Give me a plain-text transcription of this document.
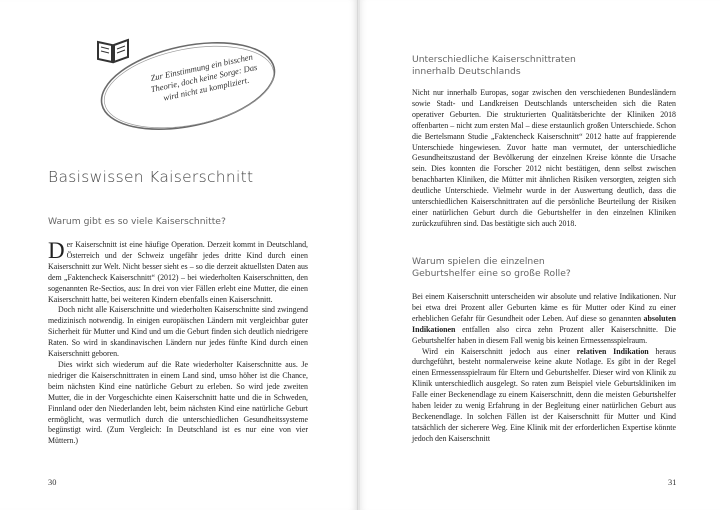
Zur Einstimmung ein bisschen Theorie, doch keine Sorge: Das wird nicht zu kompliziert.
Basiswissen Kaiserschnitt
Warum gibt es so viele Kaiserschnitte?

Der Kaiserschnitt ist eine häufige Operation. Derzeit kommt in Deutschland, Österreich und der Schweiz ungefähr jedes dritte Kind durch einen Kaiserschnitt zur Welt. Nicht besser sieht es – so die derzeit aktuellsten Daten aus dem „Faktencheck Kaiserschnitt“ (2012) – bei wiederholten Kaiserschnitten, den sogenannten Re-Sectios, aus: In drei von vier Fällen erlebt eine Mutter, die einen Kaiserschnitt hatte, bei weiteren Kindern ebenfalls einen Kaiserschnitt.

Doch nicht alle Kaiserschnitte und wiederholten Kaiserschnitte sind zwingend medizinisch notwendig. In einigen europäischen Ländern mit vergleichbar guter Sicherheit für Mutter und Kind und um die Geburt finden sich deutlich niedrigere Raten. So wird in skandinavischen Ländern nur jedes fünfte Kind durch einen Kaiserschnitt geboren.

Dies wirkt sich wiederum auf die Rate wiederholter Kaiserschnitte aus. Je niedriger die Kaiserschnittraten in einem Land sind, umso höher ist die Chance, beim nächsten Kind eine natürliche Geburt zu erleben. So wird jede zweiten Mutter, die in der Vorgeschichte einen Kaiserschnitt hatte und die in Schweden, Finnland oder den Niederlanden lebt, beim nächsten Kind eine natürliche Geburt ermöglicht, was vermutlich durch die unterschiedlichen Gesundheitssysteme begünstigt wird. (Zum Vergleich: In Deutschland ist es nur eine von vier Müttern.)

30
Unterschiedliche Kaiserschnittraten
innerhalb Deutschlands

Nicht nur innerhalb Europas, sogar zwischen den verschiedenen Bundesländern sowie Stadt- und Landkreisen Deutschlands unterscheiden sich die Raten operativer Geburten. Die strukturierten Qualitätsberichte der Kliniken 2018 offenbarten – nicht zum ersten Mal – diese erstaunlich großen Unterschiede. Schon die Bertelsmann Studie „Faktencheck Kaiserschnitt“ 2012 hatte auf frappierende Unterschiede hingewiesen. Zuvor hatte man vermutet, der unterschiedliche Gesundheitszustand der Bevölkerung der einzelnen Kreise könnte die Ursache sein. Dies konnten die Forscher 2012 nicht bestätigen, denn selbst zwischen benachbarten Kliniken, die Mütter mit ähnlichen Risiken versorgten, zeigten sich deutliche Unterschiede. Vielmehr wurde in der Auswertung deutlich, dass die unterschiedlichen Kaiserschnittraten auf die persönliche Beurteilung der Risiken einer natürlichen Geburt durch die Geburtshelfer in den einzelnen Kliniken zurückzuführen sind. Das bestätigte sich auch 2018.

Warum spielen die einzelnen
Geburtshelfer eine so große Rolle?

Bei einem Kaiserschnitt unterscheiden wir absolute und relative Indikationen. Nur bei etwa drei Prozent aller Geburten käme es für Mutter oder Kind zu einer erheblichen Gefahr für Gesundheit oder Leben. Auf diese so genannten absoluten Indikationen entfallen also circa zehn Prozent aller Kaiserschnitte. Die Geburtshelfer haben in diesem Fall wenig bis keinen Ermessensspielraum.

Wird ein Kaiserschnitt jedoch aus einer relativen Indikation heraus durchgeführt, besteht normalerweise keine akute Notlage. Es gibt in der Regel einen Ermessensspielraum für Eltern und Geburtshelfer. Dieser wird von Klinik zu Klinik unterschiedlich ausgelegt. So raten zum Beispiel viele Geburtskliniken im Falle einer Beckenendlage zu einem Kaiserschnitt, denn die meisten Geburtshelfer haben leider zu wenig Erfahrung in der Begleitung einer natürlichen Geburt aus Beckenendlage. In solchen Fällen ist der Kaiserschnitt für Mutter und Kind tatsächlich der sicherere Weg. Eine Klinik mit der erforderlichen Expertise könnte jedoch den Kaiserschnitt

31
